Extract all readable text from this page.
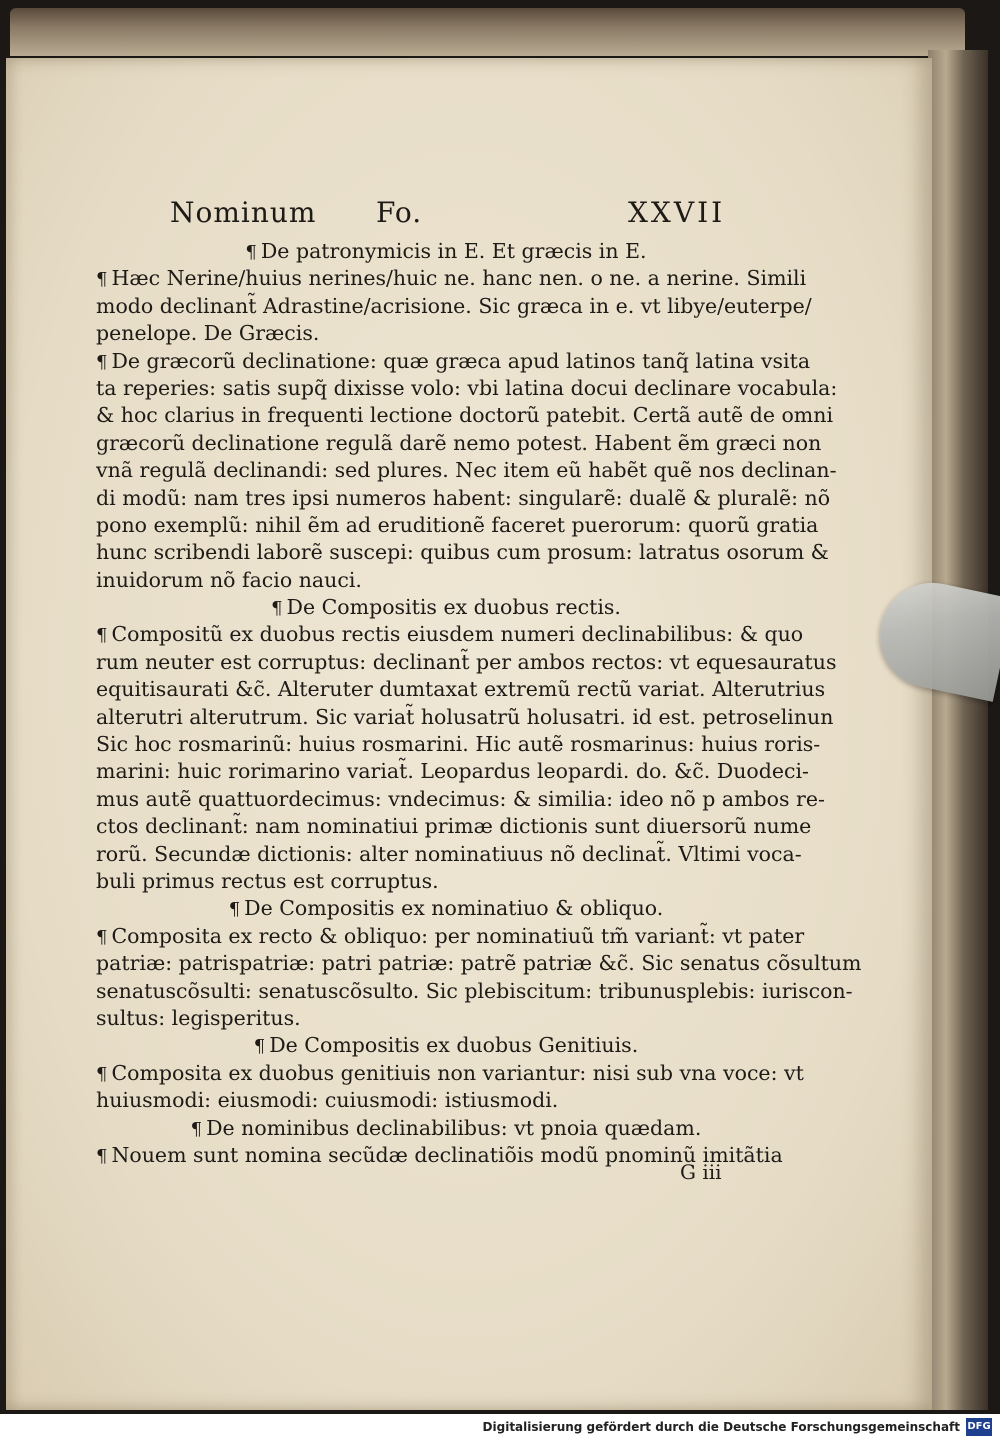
Nominum Fo.	XXVII
¶ De patronymicis in E. Et græcis in E.
¶ Hæc Nerine/huius nerines/huic ne. hanc nen. o ne. a nerine. Simili
modo declinant̃ Adrastine/acrisione. Sic græca in e. vt libye/euterpe/
penelope. De Græcis.
¶ De græcorũ declinatione: quæ græca apud latinos tanq̃ latina vsita
ta reperies: satis supq̃ dixisse volo: vbi latina docui declinare vocabula:
& hoc clarius in frequenti lectione doctorũ patebit. Certã autẽ de omni
græcorũ declinatione regulã darẽ nemo potest. Habent ẽm græci non
vnã regulã declinandi: sed plures. Nec item eũ habẽt quẽ nos declinan-
di modũ: nam tres ipsi numeros habent: singularẽ: dualẽ & pluralẽ: nõ
pono exemplũ: nihil ẽm ad eruditionẽ faceret puerorum: quorũ gratia
hunc scribendi laborẽ suscepi: quibus cum prosum: latratus osorum &
inuidorum nõ facio nauci.
¶ De Compositis ex duobus rectis.
¶ Compositũ ex duobus rectis eiusdem numeri declinabilibus: & quo
rum neuter est corruptus: declinant̃ per ambos rectos: vt equesauratus
equitisaurati &c̃. Alteruter dumtaxat extremũ rectũ variat. Alterutrius
alterutri alterutrum. Sic variat̃ holusatrũ holusatri. id est. petroselinun
Sic hoc rosmarinũ: huius rosmarini. Hic autẽ rosmarinus: huius roris-
marini: huic rorimarino variat̃. Leopardus leopardi. do. &c̃. Duodeci-
mus autẽ quattuordecimus: vndecimus: & similia: ideo nõ p ambos re-
ctos declinant̃: nam nominatiui primæ dictionis sunt diuersorũ nume
rorũ. Secundæ dictionis: alter nominatiuus nõ declinat̃. Vltimi voca-
buli primus rectus est corruptus.
¶ De Compositis ex nominatiuo & obliquo.
¶ Composita ex recto & obliquo: per nominatiuũ tm̃ variant̃: vt pater
patriæ: patrispatriæ: patri patriæ: patrẽ patriæ &c̃. Sic senatus cõsultum
senatuscõsulti: senatuscõsulto. Sic plebiscitum: tribunusplebis: iuriscon-
sultus: legisperitus.
¶ De Compositis ex duobus Genitiuis.
¶ Composita ex duobus genitiuis non variantur: nisi sub vna voce: vt
huiusmodi: eiusmodi: cuiusmodi: istiusmodi.
¶ De nominibus declinabilibus: vt pnoia quædam.
¶ Nouem sunt nomina secũdæ declinatiõis modũ pnominũ imitãtia
G iii
Digitalisierung gefördert durch die Deutsche Forschungsgemeinschaft DFG
